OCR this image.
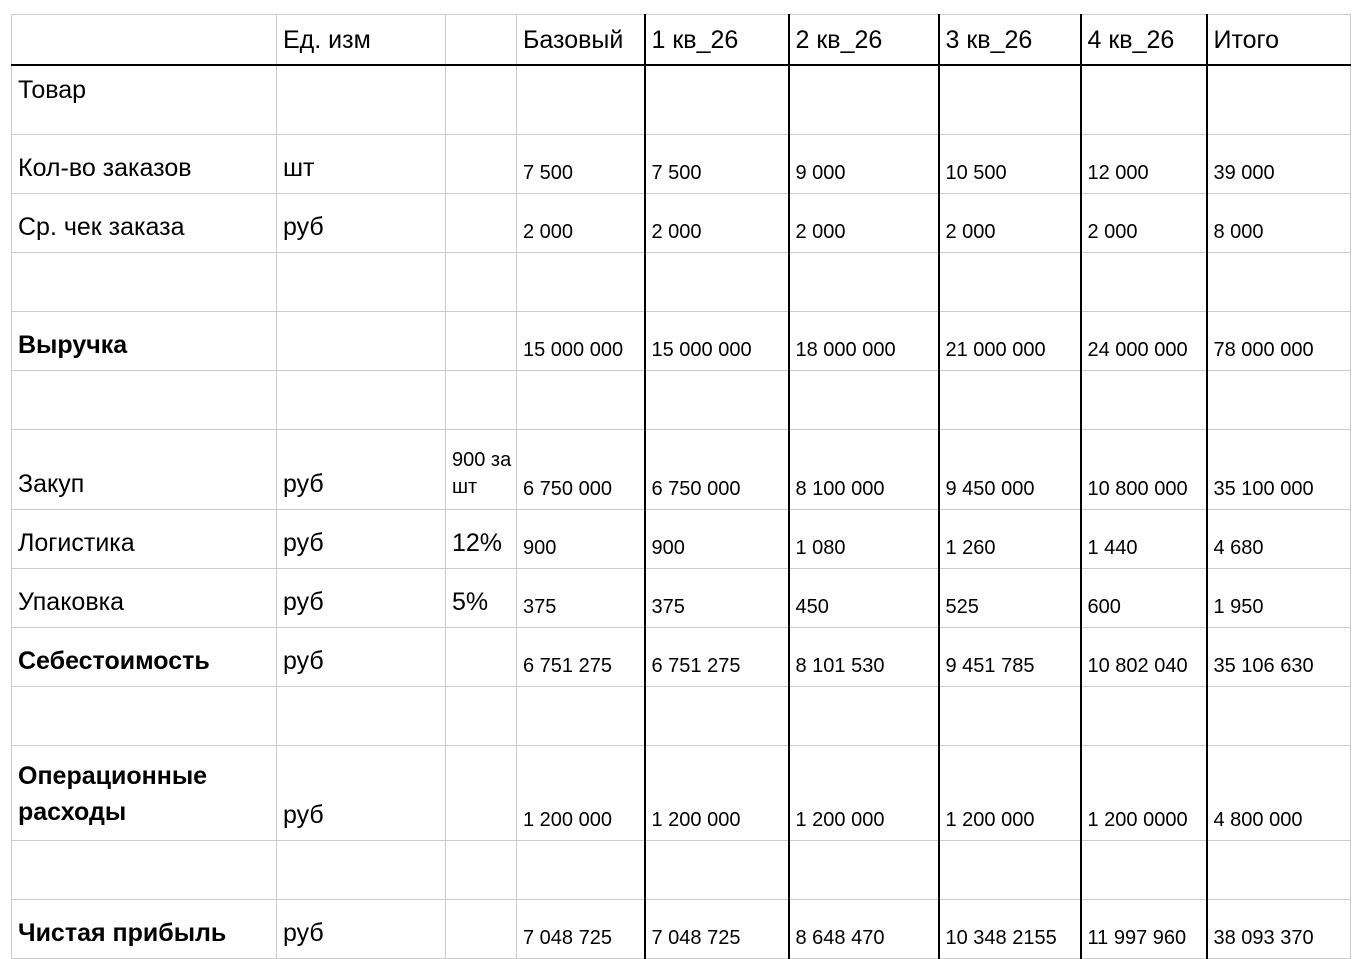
	Ед. изм		Базовый	1 кв_26	2 кв_26	3 кв_26	4 кв_26	Итого
Товар								
Кол-во заказов	шт		7 500	7 500	9 000	10 500	12 000	39 000
Ср. чек заказа	руб		2 000	2 000	2 000	2 000	2 000	8 000

Выручка			15 000 000	15 000 000	18 000 000	21 000 000	24 000 000	78 000 000

Закуп	руб	900 за шт	6 750 000	6 750 000	8 100 000	9 450 000	10 800 000	35 100 000
Логистика	руб	12%	900	900	1 080	1 260	1 440	4 680
Упаковка	руб	5%	375	375	450	525	600	1 950
Себестоимость	руб		6 751 275	6 751 275	8 101 530	9 451 785	10 802 040	35 106 630

Операционные расходы	руб		1 200 000	1 200 000	1 200 000	1 200 000	1 200 0000	4 800 000

Чистая прибыль	руб		7 048 725	7 048 725	8 648 470	10 348 2155	11 997 960	38 093 370
